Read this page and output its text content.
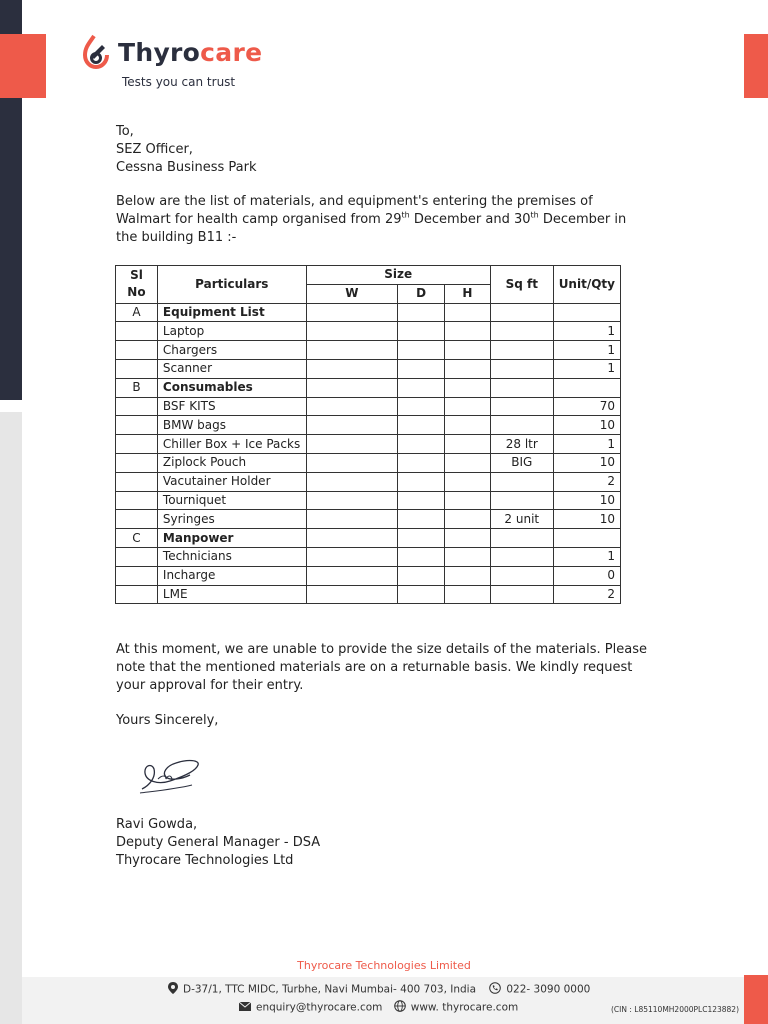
Thyrocare
Tests you can trust
To,
SEZ Officer,
Cessna Business Park
Below are the list of materials, and equipment's entering the premises of Walmart for health camp organised from 29th December and 30th December in the building B11 :-
Sl
No	Particulars	Size			Sq ft	Unit/Qty
		W	D	H		
A	Equipment List					
	Laptop					1
	Chargers					1
	Scanner					1
B	Consumables					
	BSF KITS					70
	BMW bags					10
	Chiller Box + Ice Packs				28 ltr	1
	Ziplock Pouch				BIG	10
	Vacutainer Holder					2
	Tourniquet					10
	Syringes				2 unit	10
C	Manpower					
	Technicians					1
	Incharge					0
	LME					2
At this moment, we are unable to provide the size details of the materials. Please note that the mentioned materials are on a returnable basis. We kindly request your approval for their entry.
Yours Sincerely,
Ravi Gowda,
Deputy General Manager - DSA
Thyrocare Technologies Ltd
Thyrocare Technologies Limited
D-37/1, TTC MIDC, Turbhe, Navi Mumbai- 400 703, India	022- 3090 0000
enquiry@thyrocare.com	www. thyrocare.com	(CIN : L85110MH2000PLC123882)
